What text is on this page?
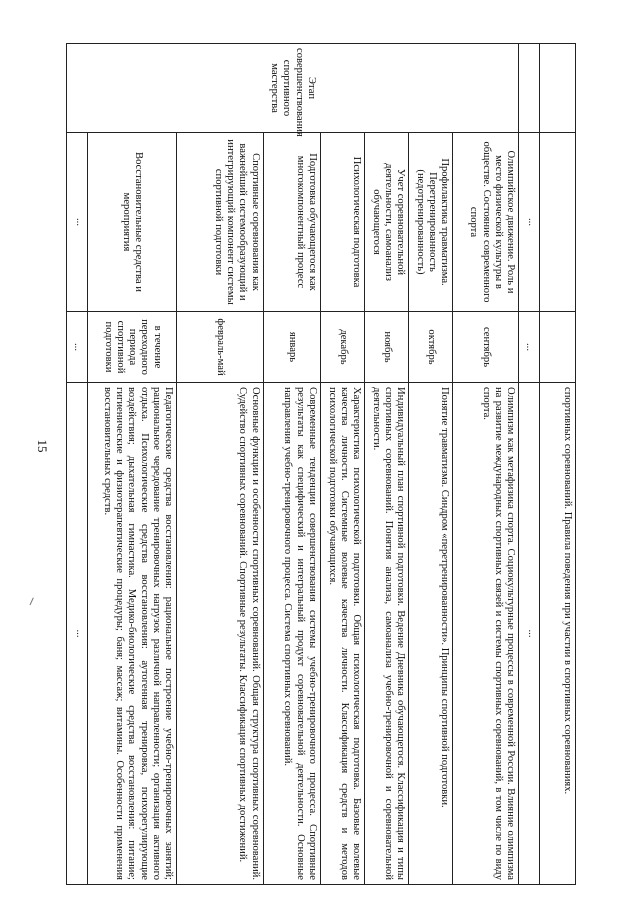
15
				спортивных соревнований. Правила поведения при участии в спортивных соревнованиях.
	...	...	...
Этап совершенствования спортивного мастерства	Олимпийское движение. Роль и место физической культуры в обществе. Состояние современного спорта	сентябрь	Олимпизм как метафизика спорта. Социокультурные процессы в современной России. Влияние олимпизма на развитие международных спортивных связей и системы спортивных соревнований, в том числе по виду спорта.
	Профилактика травматизма. Перетренированность (недотренированность)	октябрь	Понятие травматизма. Синдром «перетренированности». Принципы спортивной подготовки.
	Учет соревновательной деятельности, самоанализ обучающегося	ноябрь	Индивидуальный план спортивной подготовки. Ведение Дневника обучающегося. Классификация и типы спортивных соревнований. Понятия анализа, самоанализа учебно-тренировочной и соревновательной деятельности.
	Психологическая подготовка	декабрь	Характеристика психологической подготовки. Общая психологическая подготовка. Базовые волевые качества личности. Системные волевые качества личности. Классификация средств и методов психологической подготовки обучающихся.
	Подготовка обучающегося как многокомпонентный процесс	январь	Современные тенденции совершенствования системы учебно-тренировочного процесса. Спортивные результаты как специфический и интегральный продукт соревновательной деятельности. Основные направления учебно-тренировочного процесса. Система спортивных соревнований.
	Спортивные соревнования как важнейший системообразующий и интегрирующий компонент системы спортивной подготовки	февраль-май	Основные функции и особенности спортивных соревнований. Общая структура спортивных соревнований. Судейство спортивных соревнований. Спортивные результаты. Классификация спортивных достижений.
	Восстановительные средства и мероприятия	в течение переходного периода спортивной подготовки	Педагогические средства восстановления: рациональное построение учебно-тренировочных занятий; рациональное чередование тренировочных нагрузок различной направленности; организация активного отдыха. Психологические средства восстановления: аутогенная тренировка, психорегулирующие воздействия; дыхательная гимнастика. Медико-биологические средства восстановления: питание; гигиенические и физиотерапевтические процедуры; баня; массаж; витамины. Особенности применения восстановительных средств.
	...	...	...
